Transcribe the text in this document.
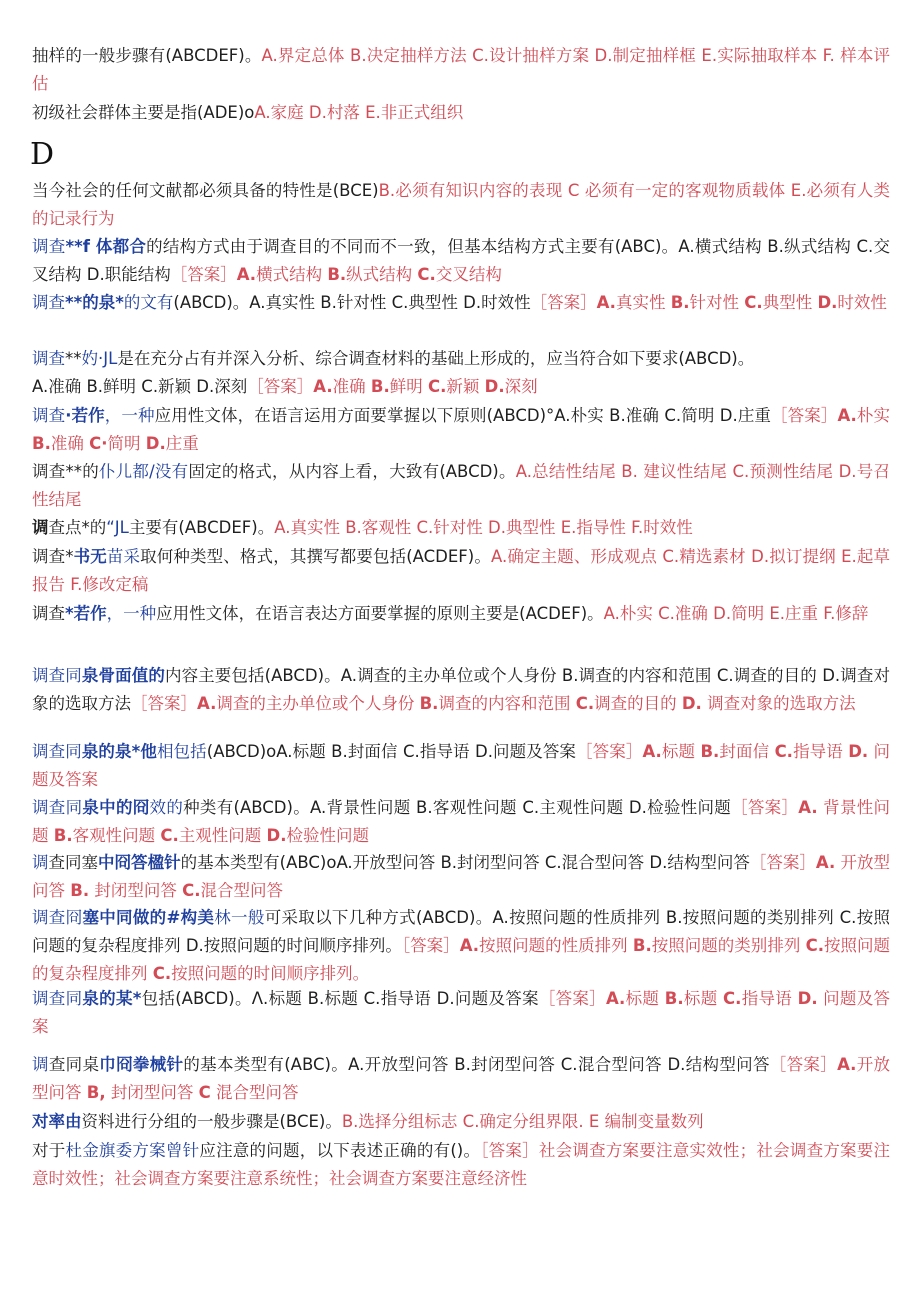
抽样的一般步骤有(ABCDEF)。A.界定总体 B.决定抽样方法 C.设计抽样方案 D.制定抽样框 E.实际抽取样本 F. 样本评估

初级社会群体主要是指(ADE)oA.家庭 D.村落 E.非正式组织

D

当今社会的任何文献都必须具备的特性是(BCE)B.必须有知识内容的表现 C 必须有一定的客观物质载体 E.必须有人类的记录行为

调查**f 体都合的结构方式由于调查目的不同而不一致，但基本结构方式主要有(ABC)。A.横式结构 B.纵式结构 C.交叉结构 D.职能结构［答案］A.横式结构 B.纵式结构 C.交叉结构

调查**的泉*的文有(ABCD)。A.真实性 B.针对性 C.典型性 D.时效性［答案］A.真实性 B.针对性 C.典型性 D.时效性

调查**妁·JL是在充分占有并深入分析、综合调查材料的基础上形成的，应当符合如下要求(ABCD)。

A.准确 B.鲜明 C.新颖 D.深刻［答案］A.准确 B.鲜明 C.新颖 D.深刻

调查·若作，一种应用性文体，在语言运用方面要掌握以下原则(ABCD)°A.朴实 B.准确 C.简明 D.庄重［答案］A.朴实 B.准确 C·简明 D.庄重

调查**的仆儿都/没有固定的格式，从内容上看，大致有(ABCD)。A.总结性结尾 B. 建议性结尾 C.预测性结尾 D.号召性结尾

调查点*的“JL主要有(ABCDEF)。A.真实性 B.客观性 C.针对性 D.典型性 E.指导性 F.时效性

调查*书无苗采取何种类型、格式，其撰写都要包括(ACDEF)。A.确定主题、形成观点 C.精选素材 D.拟订提纲 E.起草报告 F.修改定稿

调查*若作，一种应用性文体，在语言表达方面要掌握的原则主要是(ACDEF)。A.朴实 C.准确 D.简明 E.庄重 F.修辞

调查同泉骨面值的内容主要包括(ABCD)。A.调查的主办单位或个人身份 B.调查的内容和范围 C.调查的目的 D.调查对象的选取方法［答案］A.调查的主办单位或个人身份 B.调查的内容和范围 C.调查的目的 D. 调查对象的选取方法

调查同泉的泉*他相包括(ABCD)oA.标题 B.封面信 C.指导语 D.问题及答案［答案］A.标题 B.封面信 C.指导语 D. 问题及答案

调查同泉中的冏效的种类有(ABCD)。A.背景性问题 B.客观性问题 C.主观性问题 D.检验性问题［答案］A. 背景性问题 B.客观性问题 C.主观性问题 D.检验性问题

调查同塞中冏答楹针的基本类型有(ABC)oA.开放型问答 B.封闭型问答 C.混合型问答 D.结构型问答［答案］A. 开放型问答 B. 封闭型问答 C.混合型问答

调查冏塞中同做的#构美林一般可采取以下几种方式(ABCD)。A.按照问题的性质排列 B.按照问题的类别排列 C.按照问题的复杂程度排列 D.按照问题的时间顺序排列。［答案］A.按照问题的性质排列 B.按照问题的类别排列 C.按照问题的复杂程度排列 C.按照问题的时间顺序排列。

调查同泉的某*包括(ABCD)。Λ.标题 B.标题 C.指导语 D.问题及答案［答案］A.标题 B.标题 C.指导语 D. 问题及答案

调查同桌巾冏拳械针的基本类型有(ABC)。A.开放型问答 B.封闭型问答 C.混合型问答 D.结构型问答［答案］A.开放型问答 B, 封闭型问答 C 混合型问答

对率由资料进行分组的一般步骤是(BCE)。B.选择分组标志 C.确定分组界限. E 编制变量数列

对于杜金旗委方案曾针应注意的问题，以下表述正确的有()。［答案］社会调查方案要注意实效性；社会调查方案要注意时效性；社会调查方案要注意系统性；社会调查方案要注意经济性
